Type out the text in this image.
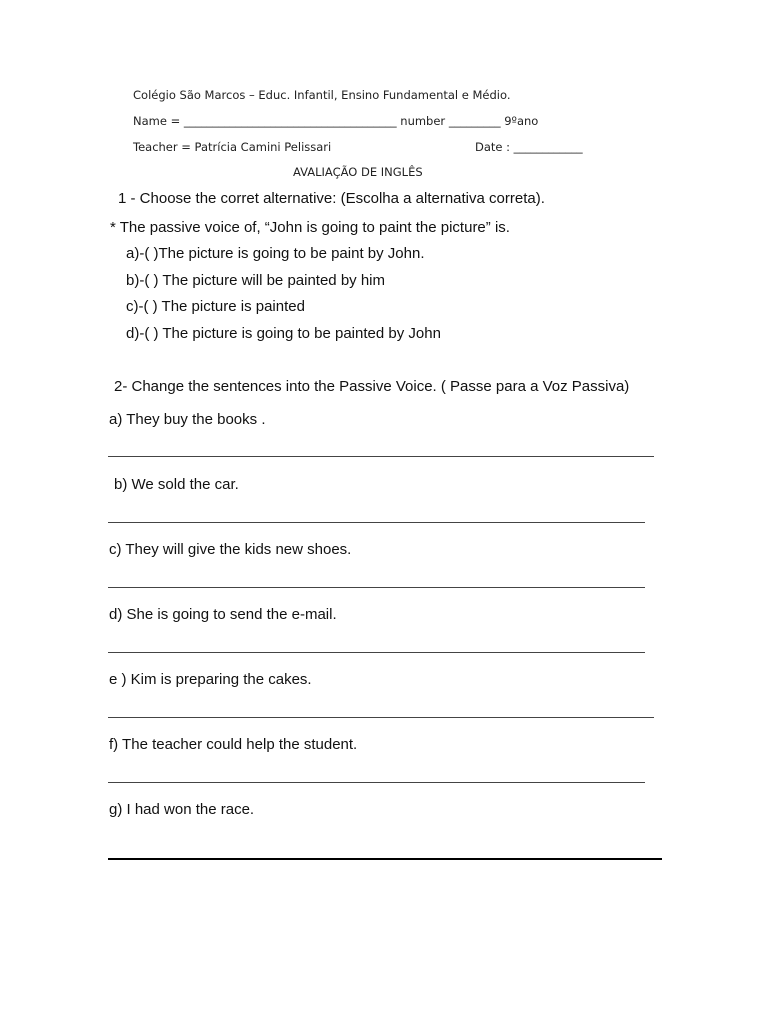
Colégio São Marcos – Educ. Infantil, Ensino Fundamental e Médio.
Name = _____________________________________ number _________ 9ºano
Teacher = Patrícia Camini Pelissari	Date : ____________
AVALIAÇÃO DE INGLÊS
1 - Choose the corret alternative: (Escolha a alternativa correta).
* The passive voice of, “John is going to paint the picture” is.
a)-( )The picture is going to be paint by John.
b)-( ) The picture will be painted by him
c)-( ) The picture is painted
d)-( ) The picture is going to be painted by John
2- Change the sentences into the Passive Voice. ( Passe para a Voz Passiva)
a) They buy the books .
b) We sold the car.
c) They will give the kids new shoes.
d) She is going to send the e-mail.
e ) Kim is preparing the cakes.
f) The teacher could help the student.
g) I had won the race.
